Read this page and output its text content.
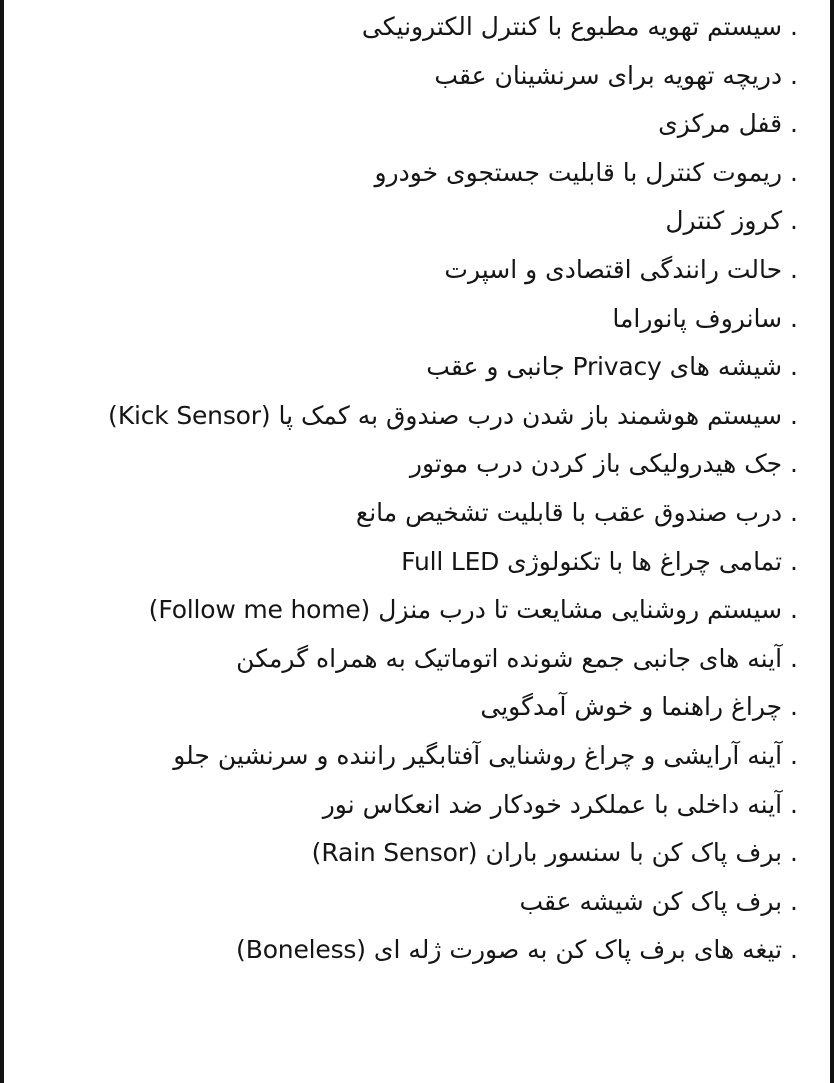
. سیستم تهویه مطبوع با کنترل الکترونیکی
. دریچه تهویه برای سرنشینان عقب
. قفل مرکزی
. ریموت کنترل با قابلیت جستجوی خودرو
. کروز کنترل
. حالت رانندگی اقتصادی و اسپرت
. سانروف پانوراما
. شیشه های Privacy جانبی و عقب
. سیستم هوشمند باز شدن درب صندوق به کمک پا (Kick Sensor)
. جک هیدرولیکی باز کردن درب موتور
. درب صندوق عقب با قابلیت تشخیص مانع
. تمامی چراغ ها با تکنولوژی Full LED
. سیستم روشنایی مشایعت تا درب منزل (Follow me home)
. آینه های جانبی جمع شونده اتوماتیک به همراه گرمکن
. چراغ راهنما و خوش آمدگویی
. آینه آرایشی و چراغ روشنایی آفتابگیر راننده و سرنشین جلو
. آینه داخلی با عملکرد خودکار ضد انعکاس نور
. برف پاک کن با سنسور باران (Rain Sensor)
. برف پاک کن شیشه عقب
. تیغه های برف پاک کن به صورت ژله ای (Boneless)
